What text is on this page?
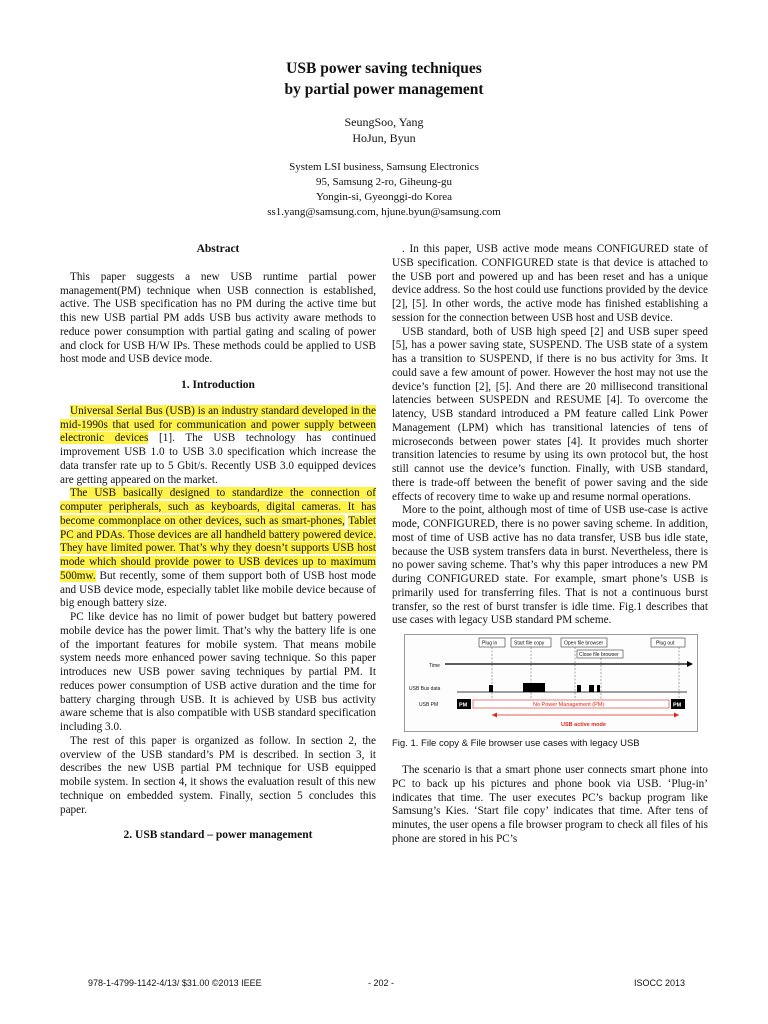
USB power saving techniques
by partial power management
SeungSoo, Yang
HoJun, Byun
System LSI business, Samsung Electronics
95, Samsung 2-ro, Giheung-gu
Yongin-si, Gyeonggi-do Korea
ss1.yang@samsung.com, hjune.byun@samsung.com

Abstract

This paper suggests a new USB runtime partial power management(PM) technique when USB connection is established, active. The USB specification has no PM during the active time but this new USB partial PM adds USB bus activity aware methods to reduce power consumption with partial gating and scaling of power and clock for USB H/W IPs. These methods could be applied to USB host mode and USB device mode.

1. Introduction

Universal Serial Bus (USB) is an industry standard developed in the mid-1990s that used for communication and power supply between electronic devices [1]. The USB technology has continued improvement USB 1.0 to USB 3.0 specification which increase the data transfer rate up to 5 Gbit/s. Recently USB 3.0 equipped devices are getting appeared on the market.

The USB basically designed to standardize the connection of computer peripherals, such as keyboards, digital cameras. It has become commonplace on other devices, such as smart-phones, Tablet PC and PDAs. Those devices are all handheld battery powered device. They have limited power. That’s why they doesn’t supports USB host mode which should provide power to USB devices up to maximum 500mw. But recently, some of them support both of USB host mode and USB device mode, especially tablet like mobile device because of big enough battery size.

PC like device has no limit of power budget but battery powered mobile device has the power limit. That’s why the battery life is one of the important features for mobile system. That means mobile system needs more enhanced power saving technique. So this paper introduces new USB power saving techniques by partial PM. It reduces power consumption of USB active duration and the time for battery charging through USB. It is achieved by USB bus activity aware scheme that is also compatible with USB standard specification including 3.0.

The rest of this paper is organized as follow. In section 2, the overview of the USB standard’s PM is described. In section 3, it describes the new USB partial PM technique for USB equipped mobile system. In section 4, it shows the evaluation result of this new technique on embedded system. Finally, section 5 concludes this paper.

2. USB standard – power management

. In this paper, USB active mode means CONFIGURED state of USB specification. CONFIGURED state is that device is attached to the USB port and powered up and has been reset and has a unique device address. So the host could use functions provided by the device [2], [5]. In other words, the active mode has finished establishing a session for the connection between USB host and USB device.

USB standard, both of USB high speed [2] and USB super speed [5], has a power saving state, SUSPEND. The USB state of a system has a transition to SUSPEND, if there is no bus activity for 3ms. It could save a few amount of power. However the host may not use the device’s function [2], [5]. And there are 20 millisecond transitional latencies between SUSPEDN and RESUME [4]. To overcome the latency, USB standard introduced a PM feature called Link Power Management (LPM) which has transitional latencies of tens of microseconds between power states [4]. It provides much shorter transition latencies to resume by using its own protocol but, the host still cannot use the device’s function. Finally, with USB standard, there is trade-off between the benefit of power saving and the side effects of recovery time to wake up and resume normal operations.

More to the point, although most of time of USB use-case is active mode, CONFIGURED, there is no power saving scheme. In addition, most of time of USB active has no data transfer, USB bus idle state, because the USB system transfers data in burst. Nevertheless, there is no power saving scheme. That’s why this paper introduces a new PM during CONFIGURED state. For example, smart phone’s USB is primarily used for transferring files. That is not a continuous burst transfer, so the rest of burst transfer is idle time. Fig.1 describes that use cases with legacy USB standard PM scheme.

Plug in	Start file copy	Open file browser	Plug out
Close file browser
Time
USB Bus data
USB PM	PM	No Power Management (PM)	PM
USB active mode
Fig. 1. File copy & File browser use cases with legacy USB

The scenario is that a smart phone user connects smart phone into PC to back up his pictures and phone book via USB. ‘Plug-in’ indicates that time. The user executes PC’s backup program like Samsung’s Kies. ‘Start file copy’ indicates that time. After tens of minutes, the user opens a file browser program to check all files of his phone are stored in his PC’s

978-1-4799-1142-4/13/ $31.00 ©2013 IEEE	- 202 -	ISOCC 2013
